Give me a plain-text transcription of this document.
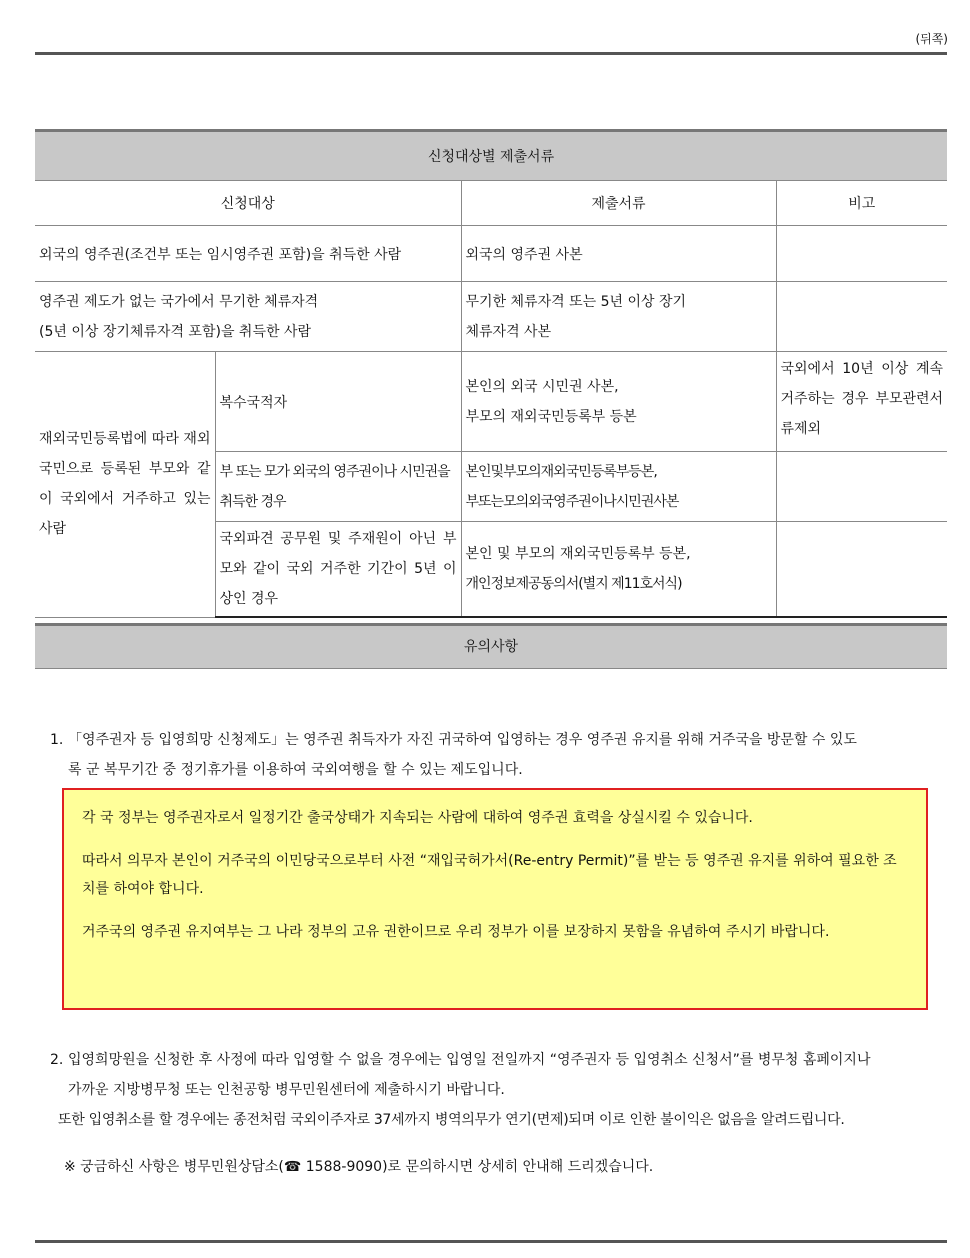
(뒤쪽)
신청대상별 제출서류			
신청대상		제출서류	비고
외국의 영주권(조건부 또는 임시영주권 포함)을 취득한 사람		외국의 영주권 사본	

영주권 제도가 없는 국가에서 무기한 체류자격
(5년 이상 장기체류자격 포함)을 취득한 사람		무기한 체류자격 또는 5년 이상 장기
체류자격 사본	

재외국민등록법에 따라 재외국민으로 등록된 부모와 같이 국외에서 거주하고 있는 사람	복수국적자	본인의 외국 시민권 사본,
부모의 재외국민등록부 등본	국외에서 10년 이상 계속 거주하는 경우 부모관련서류제외

	부 또는 모가 외국의 영주권이나 시민권을
취득한 경우	본인및부모의재외국민등록부등본,
부또는모의외국영주권이나시민권사본	

	국외파견 공무원 및 주재원이 아닌 부모와 같이 국외 거주한 기간이 5년 이상인 경우	본인 및 부모의 재외국민등록부 등본,
개인정보제공동의서(별지 제11호서식)	

유의사항
1. 「영주권자 등 입영희망 신청제도」는 영주권 취득자가 자진 귀국하여 입영하는 경우 영주권 유지를 위해 거주국을 방문할 수 있도
록 군 복무기간 중 정기휴가를 이용하여 국외여행을 할 수 있는 제도입니다.

각 국 정부는 영주권자로서 일정기간 출국상태가 지속되는 사람에 대하여 영주권 효력을 상실시킬 수 있습니다.

따라서 의무자 본인이 거주국의 이민당국으로부터 사전 “재입국허가서(Re-entry Permit)”를 받는 등 영주권 유지를 위하여 필요한 조치를 하여야 합니다.

거주국의 영주권 유지여부는 그 나라 정부의 고유 권한이므로 우리 정부가 이를 보장하지 못함을 유념하여 주시기 바랍니다.

2. 입영희망원을 신청한 후 사정에 따라 입영할 수 없을 경우에는 입영일 전일까지 “영주권자 등 입영취소 신청서”를 병무청 홈페이지나
가까운 지방병무청 또는 인천공항 병무민원센터에 제출하시기 바랍니다.
또한 입영취소를 할 경우에는 종전처럼 국외이주자로 37세까지 병역의무가 연기(면제)되며 이로 인한 불이익은 없음을 알려드립니다.
※ 궁금하신 사항은 병무민원상담소(☎ 1588-9090)로 문의하시면 상세히 안내해 드리겠습니다.
